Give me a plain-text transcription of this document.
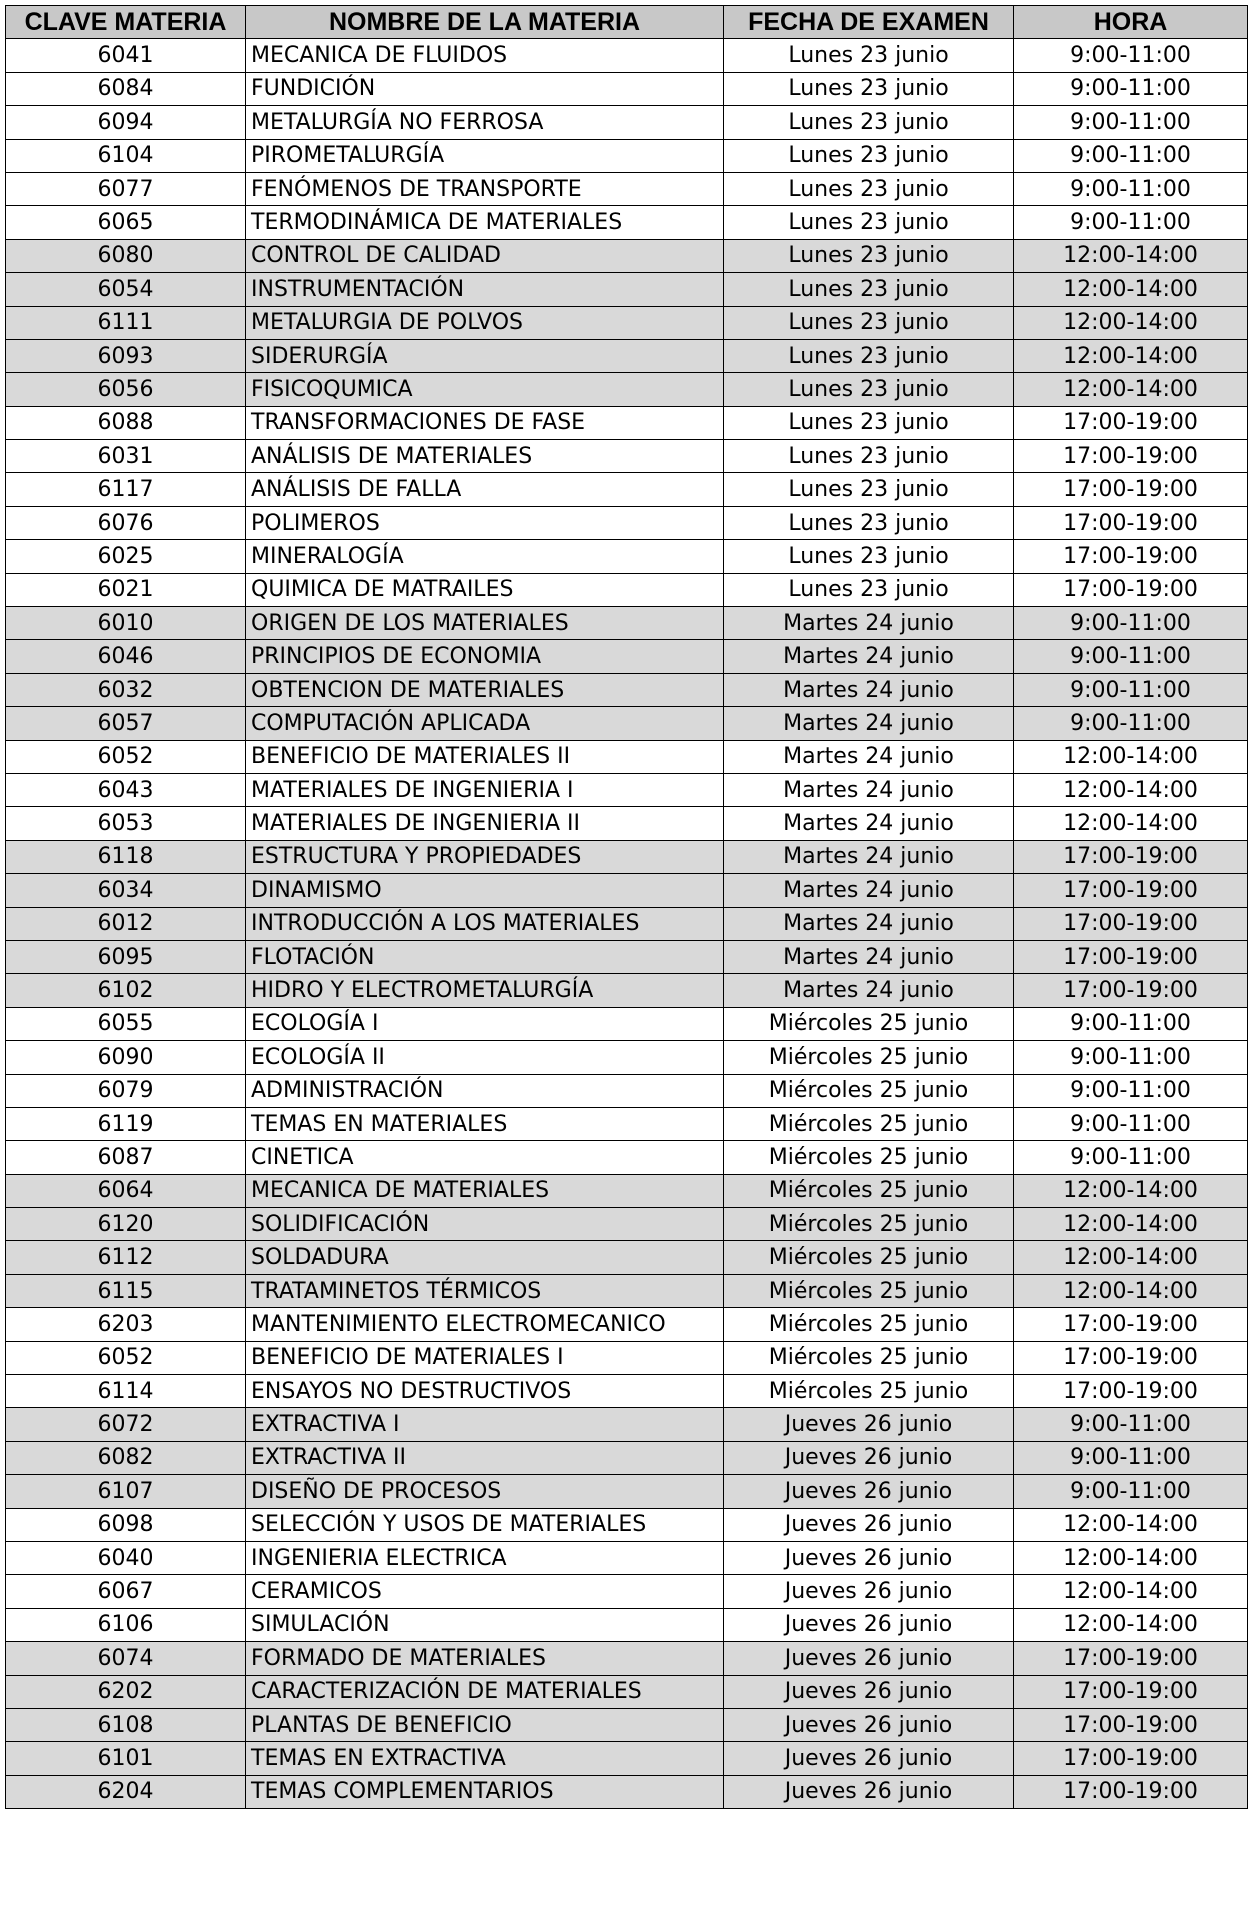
CLAVE MATERIA	NOMBRE DE LA MATERIA	FECHA DE EXAMEN	HORA
6041	MECANICA DE FLUIDOS	Lunes 23 junio	9:00-11:00
6084	FUNDICIÓN	Lunes 23 junio	9:00-11:00
6094	METALURGÍA NO FERROSA	Lunes 23 junio	9:00-11:00
6104	PIROMETALURGÍA	Lunes 23 junio	9:00-11:00
6077	FENÓMENOS DE TRANSPORTE	Lunes 23 junio	9:00-11:00
6065	TERMODINÁMICA DE MATERIALES	Lunes 23 junio	9:00-11:00
6080	CONTROL DE CALIDAD	Lunes 23 junio	12:00-14:00
6054	INSTRUMENTACIÓN	Lunes 23 junio	12:00-14:00
6111	METALURGIA DE POLVOS	Lunes 23 junio	12:00-14:00
6093	SIDERURGÍA	Lunes 23 junio	12:00-14:00
6056	FISICOQUMICA	Lunes 23 junio	12:00-14:00
6088	TRANSFORMACIONES DE FASE	Lunes 23 junio	17:00-19:00
6031	ANÁLISIS DE MATERIALES	Lunes 23 junio	17:00-19:00
6117	ANÁLISIS DE FALLA	Lunes 23 junio	17:00-19:00
6076	POLIMEROS	Lunes 23 junio	17:00-19:00
6025	MINERALOGÍA	Lunes 23 junio	17:00-19:00
6021	QUIMICA DE MATRAILES	Lunes 23 junio	17:00-19:00
6010	ORIGEN DE LOS MATERIALES	Martes 24 junio	9:00-11:00
6046	PRINCIPIOS DE ECONOMIA	Martes 24 junio	9:00-11:00
6032	OBTENCION DE MATERIALES	Martes 24 junio	9:00-11:00
6057	COMPUTACIÓN APLICADA	Martes 24 junio	9:00-11:00
6052	BENEFICIO DE MATERIALES II	Martes 24 junio	12:00-14:00
6043	MATERIALES DE INGENIERIA I	Martes 24 junio	12:00-14:00
6053	MATERIALES DE INGENIERIA II	Martes 24 junio	12:00-14:00
6118	ESTRUCTURA Y PROPIEDADES	Martes 24 junio	17:00-19:00
6034	DINAMISMO	Martes 24 junio	17:00-19:00
6012	INTRODUCCIÓN A LOS MATERIALES	Martes 24 junio	17:00-19:00
6095	FLOTACIÓN	Martes 24 junio	17:00-19:00
6102	HIDRO Y ELECTROMETALURGÍA	Martes 24 junio	17:00-19:00
6055	ECOLOGÍA I	Miércoles 25 junio	9:00-11:00
6090	ECOLOGÍA II	Miércoles 25 junio	9:00-11:00
6079	ADMINISTRACIÓN	Miércoles 25 junio	9:00-11:00
6119	TEMAS EN MATERIALES	Miércoles 25 junio	9:00-11:00
6087	CINETICA	Miércoles 25 junio	9:00-11:00
6064	MECANICA DE MATERIALES	Miércoles 25 junio	12:00-14:00
6120	SOLIDIFICACIÓN	Miércoles 25 junio	12:00-14:00
6112	SOLDADURA	Miércoles 25 junio	12:00-14:00
6115	TRATAMINETOS TÉRMICOS	Miércoles 25 junio	12:00-14:00
6203	MANTENIMIENTO ELECTROMECANICO	Miércoles 25 junio	17:00-19:00
6052	BENEFICIO DE MATERIALES I	Miércoles 25 junio	17:00-19:00
6114	ENSAYOS NO DESTRUCTIVOS	Miércoles 25 junio	17:00-19:00
6072	EXTRACTIVA I	Jueves 26 junio	9:00-11:00
6082	EXTRACTIVA II	Jueves 26 junio	9:00-11:00
6107	DISEÑO DE PROCESOS	Jueves 26 junio	9:00-11:00
6098	SELECCIÓN Y USOS DE MATERIALES	Jueves 26 junio	12:00-14:00
6040	INGENIERIA ELECTRICA	Jueves 26 junio	12:00-14:00
6067	CERAMICOS	Jueves 26 junio	12:00-14:00
6106	SIMULACIÓN	Jueves 26 junio	12:00-14:00
6074	FORMADO DE MATERIALES	Jueves 26 junio	17:00-19:00
6202	CARACTERIZACIÓN DE MATERIALES	Jueves 26 junio	17:00-19:00
6108	PLANTAS DE BENEFICIO	Jueves 26 junio	17:00-19:00
6101	TEMAS EN EXTRACTIVA	Jueves 26 junio	17:00-19:00
6204	TEMAS COMPLEMENTARIOS	Jueves 26 junio	17:00-19:00
